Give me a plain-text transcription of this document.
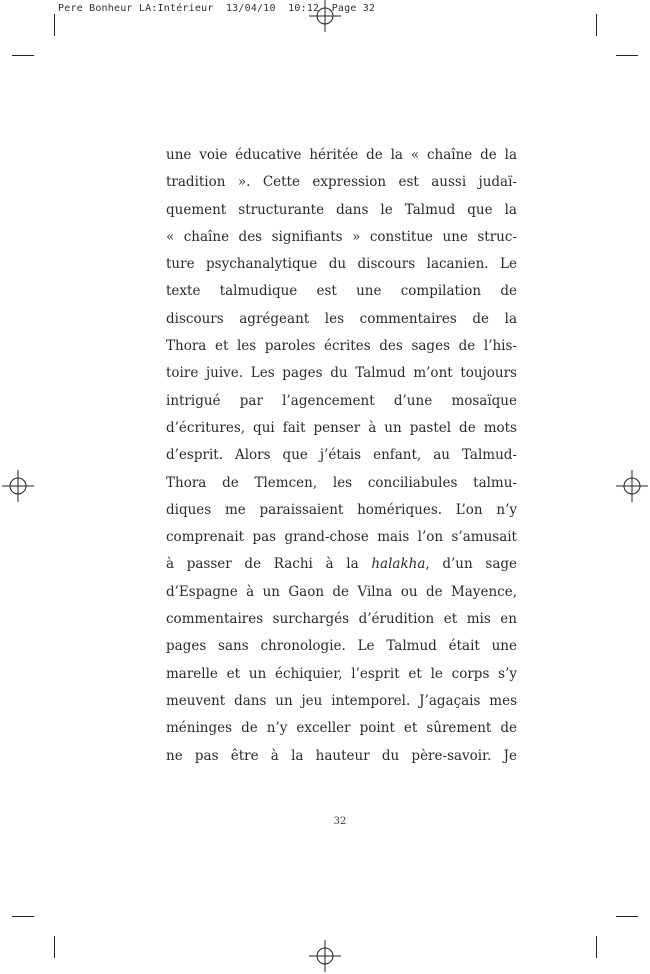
Pere Bonheur LA:Intérieur  13/04/10  10:12  Page 32
une voie éducative héritée de la « chaîne de la
tradition ». Cette expression est aussi judaï-
quement structurante dans le Talmud que la
« chaîne des signifiants » constitue une struc-
ture psychanalytique du discours lacanien. Le
texte talmudique est une compilation de
discours agrégeant les commentaires de la
Thora et les paroles écrites des sages de l’his-
toire juive. Les pages du Talmud m’ont toujours
intrigué par l’agencement d’une mosaïque
d’écritures, qui fait penser à un pastel de mots
d’esprit. Alors que j’étais enfant, au Talmud-
Thora de Tlemcen, les conciliabules talmu-
diques me paraissaient homériques. L’on n’y
comprenait pas grand-chose mais l’on s’amusait
à passer de Rachi à la halakha, d’un sage
d’Espagne à un Gaon de Vilna ou de Mayence,
commentaires surchargés d’érudition et mis en
pages sans chronologie. Le Talmud était une
marelle et un échiquier, l’esprit et le corps s’y
meuvent dans un jeu intemporel. J’agaçais mes
méninges de n’y exceller point et sûrement de
ne pas être à la hauteur du père-savoir. Je
32
